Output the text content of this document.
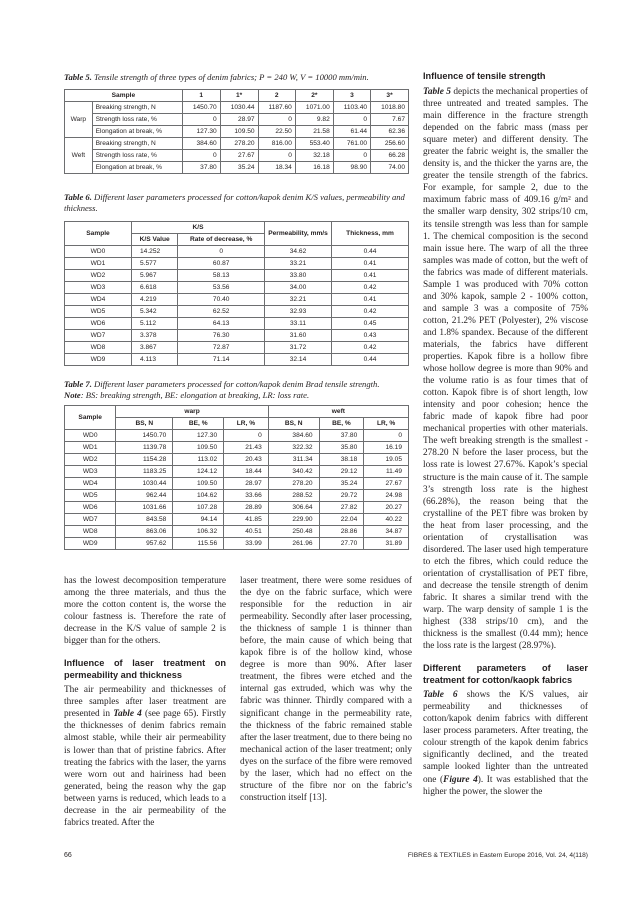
Table 5. Tensile strength of three types of denim fabrics; P = 240 W, V = 10000 mm/min.
Sample		1	1*	2	2*	3	3*
Warp	Breaking strength, N	1450.70	1030.44	1187.60	1071.00	1103.40	1018.80
	Strength loss rate, %	0	28.97	0	9.82	0	7.67
	Elongation at break, %	127.30	109.50	22.50	21.58	61.44	62.36
Weft	Breaking strength, N	384.60	278.20	816.00	553.40	761.00	256.60
	Strength loss rate, %	0	27.67	0	32.18	0	66.28
	Elongation at break, %	37.80	35.24	18.34	16.18	98.90	74.00
Table 6. Different laser parameters processed for cotton/kapok denim K/S values, permeability and thickness.
Sample	K/S		Permeability, mm/s	Thickness, mm
	K/S Value	Rate of decrease, %		
WD0	14.252	0	34.62	0.44
WD1	5.577	60.87	33.21	0.41
WD2	5.967	58.13	33.80	0.41
WD3	6.618	53.56	34.00	0.42
WD4	4.219	70.40	32.21	0.41
WD5	5.342	62.52	32.93	0.42
WD6	5.112	64.13	33.11	0.45
WD7	3.378	76.30	31.60	0.43
WD8	3.867	72.87	31.72	0.42
WD9	4.113	71.14	32.14	0.44
Table 7. Different laser parameters processed for cotton/kapok denim Brad tensile strength.
Note: BS: breaking strength, BE: elongation at breaking, LR: loss rate.
Sample	warp			weft		
	BS, N	BE, %	LR, %	BS, N	BE, %	LR, %
WD0	1450.70	127.30	0	384.60	37.80	0
WD1	1139.78	109.50	21.43	322.32	35.80	16.19
WD2	1154.28	113.02	20.43	311.34	38.18	19.05
WD3	1183.25	124.12	18.44	340.42	29.12	11.49
WD4	1030.44	109.50	28.97	278.20	35.24	27.67
WD5	962.44	104.62	33.66	288.52	29.72	24.98
WD6	1031.66	107.28	28.89	306.64	27.82	20.27
WD7	843.58	94.14	41.85	229.90	22.04	40.22
WD8	863.06	106.32	40.51	250.48	28.86	34.87
WD9	957.62	115.56	33.99	261.96	27.70	31.89

has the lowest decomposition temperature among the three materials, and thus the more the cotton content is, the worse the colour fastness is. Therefore the rate of decrease in the K/S value of sample 2 is bigger than for the others.

Influence of laser treatment on permeability and thickness

The air permeability and thicknesses of three samples after laser treatment are presented in Table 4 (see page 65). Firstly the thicknesses of denim fabrics remain almost stable, while their air permeability is lower than that of pristine fabrics. After treating the fabrics with the laser, the yarns were worn out and hairiness had been generated, being the reason why the gap between yarns is reduced, which leads to a decrease in the air permeability of the fabrics treated. After the

laser treatment, there were some residues of the dye on the fabric surface, which were responsible for the reduction in air permeability. Secondly after laser processing, the thickness of sample 1 is thinner than before, the main cause of which being that kapok fibre is of the hollow kind, whose degree is more than 90%. After laser treatment, the fibres were etched and the internal gas extruded, which was why the fabric was thinner. Thirdly compared with a significant change in the permeability rate, the thickness of the fabric remained stable after the laser treatment, due to there being no mechanical action of the laser treatment; only dyes on the surface of the fibre were removed by the laser, which had no effect on the structure of the fibre nor on the fabric’s construction itself [13].

Influence of tensile strength

Table 5 depicts the mechanical properties of three untreated and treated samples. The main difference in the fracture strength depended on the fabric mass (mass per square meter) and different density. The greater the fabric weight is, the smaller the density is, and the thicker the yarns are, the greater the tensile strength of the fabrics. For example, for sample 2, due to the maximum fabric mass of 409.16 g/m² and the smaller warp density, 302 strips/10 cm, its tensile strength was less than for sample 1. The chemical composition is the second main issue here. The warp of all the three samples was made of cotton, but the weft of the fabrics was made of different materials. Sample 1 was produced with 70% cotton and 30% kapok, sample 2 - 100% cotton, and sample 3 was a composite of 75% cotton, 21.2% PET (Polyester), 2% viscose and 1.8% spandex. Because of the different materials, the fabrics have different properties. Kapok fibre is a hollow fibre whose hollow degree is more than 90% and the volume ratio is as four times that of cotton. Kapok fibre is of short length, low intensity and poor cohesion; hence the fabric made of kapok fibre had poor mechanical properties with other materials. The weft breaking strength is the smallest - 278.20 N before the laser process, but the loss rate is lowest 27.67%. Kapok’s special structure is the main cause of it. The sample 3’s strength loss rate is the highest (66.28%), the reason being that the crystalline of the PET fibre was broken by the heat from laser processing, and the orientation of crystallisation was disordered. The laser used high temperature to etch the fibres, which could reduce the orientation of crystallisation of PET fibre, and decrease the tensile strength of denim fabric. It shares a similar trend with the warp. The warp density of sample 1 is the highest (338 strips/10 cm), and the thickness is the smallest (0.44 mm); hence the loss rate is the largest (28.97%).

Different parameters of laser treatment for cotton/kaopk fabrics

Table 6 shows the K/S values, air permeability and thicknesses of cotton/kapok denim fabrics with different laser process parameters. After treating, the colour strength of the kapok denim fabrics significantly declined, and the treated sample looked lighter than the untreated one (Figure 4). It was established that the higher the power, the slower the

66	FIBRES & TEXTILES in Eastern Europe 2016, Vol. 24, 4(118)
